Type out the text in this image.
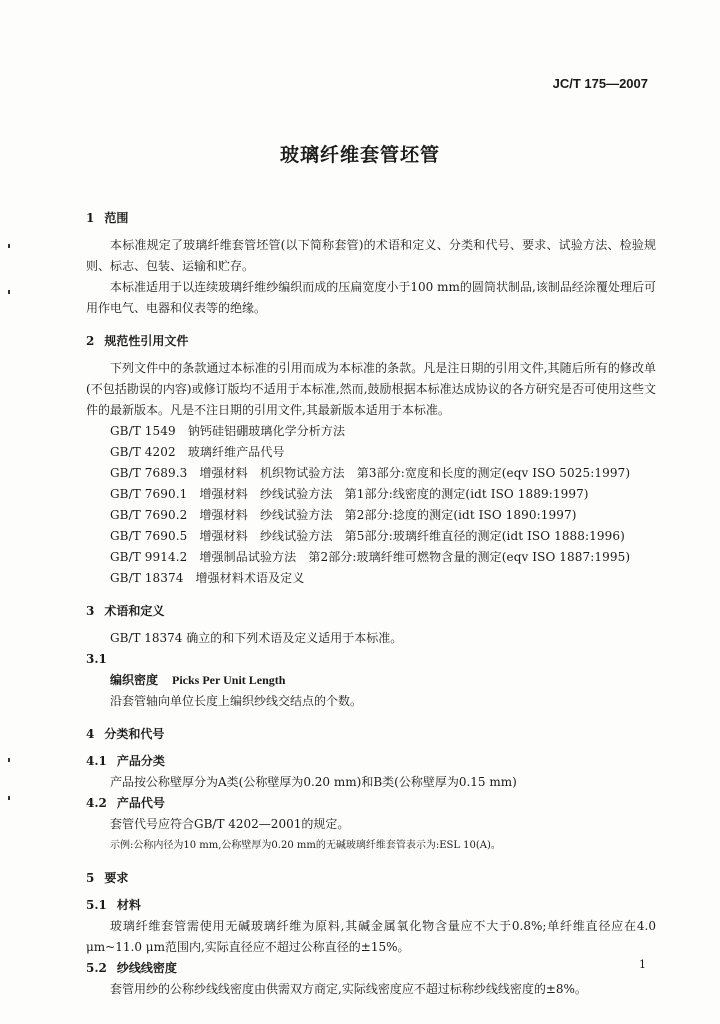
JC/T 175—2007
玻璃纤维套管坯管

1 范围

本标准规定了玻璃纤维套管坯管(以下简称套管)的术语和定义、分类和代号、要求、试验方法、检验规则、标志、包装、运输和贮存。

本标准适用于以连续玻璃纤维纱编织而成的压扁宽度小于100 mm的圆筒状制品,该制品经涂覆处理后可用作电气、电器和仪表等的绝缘。

2 规范性引用文件

下列文件中的条款通过本标准的引用而成为本标准的条款。凡是注日期的引用文件,其随后所有的修改单(不包括勘误的内容)或修订版均不适用于本标准,然而,鼓励根据本标准达成协议的各方研究是否可使用这些文件的最新版本。凡是不注日期的引用文件,其最新版本适用于本标准。

GB/T 1549　钠钙硅铝硼玻璃化学分析方法

GB/T 4202　玻璃纤维产品代号

GB/T 7689.3　增强材料　机织物试验方法　第3部分:宽度和长度的测定(eqv ISO 5025:1997)

GB/T 7690.1　增强材料　纱线试验方法　第1部分:线密度的测定(idt ISO 1889:1997)

GB/T 7690.2　增强材料　纱线试验方法　第2部分:捻度的测定(idt ISO 1890:1997)

GB/T 7690.5　增强材料　纱线试验方法　第5部分:玻璃纤维直径的测定(idt ISO 1888:1996)

GB/T 9914.2　增强制品试验方法　第2部分:玻璃纤维可燃物含量的测定(eqv ISO 1887:1995)

GB/T 18374　增强材料术语及定义

3 术语和定义

GB/T 18374 确立的和下列术语及定义适用于本标准。

3.1

编织密度 Picks Per Unit Length

沿套管轴向单位长度上编织纱线交结点的个数。

4 分类和代号

4.1 产品分类

产品按公称壁厚分为A类(公称壁厚为0.20 mm)和B类(公称壁厚为0.15 mm)

4.2 产品代号

套管代号应符合GB/T 4202—2001的规定。

示例:公称内径为10 mm,公称壁厚为0.20 mm的无碱玻璃纤维套管表示为:ESL 10(A)。

5 要求

5.1 材料

玻璃纤维套管需使用无碱玻璃纤维为原料,其碱金属氧化物含量应不大于0.8%;单纤维直径应在4.0 μm~11.0 μm范围内,实际直径应不超过公称直径的±15%。

5.2 纱线线密度

套管用纱的公称纱线线密度由供需双方商定,实际线密度应不超过标称纱线线密度的±8%。

1
